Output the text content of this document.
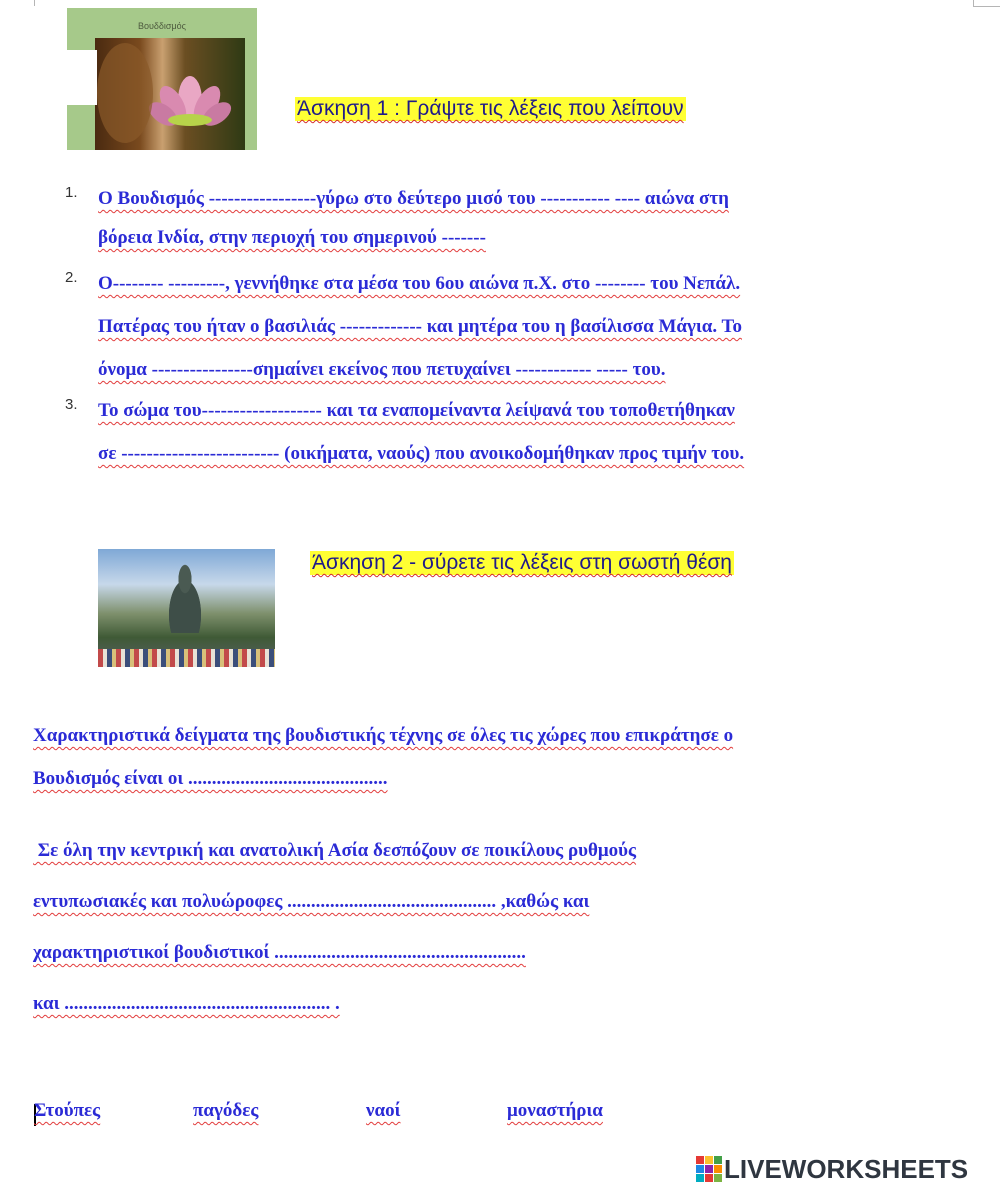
Βουδδισμός
Άσκηση 1 : Γράψτε τις λέξεις που λείπουν
1. Ο Βουδισμός -----------------γύρω στο δεύτερο μισό του ----------- ---- αιώνα στη
βόρεια Ινδία, στην περιοχή του σημερινού -------
2. Ο-------- ---------, γεννήθηκε στα μέσα του 6ου αιώνα π.Χ. στο -------- του Νεπάλ.
Πατέρας του ήταν ο βασιλιάς ------------- και μητέρα του η βασίλισσα Μάγια. Το
όνομα ----------------σημαίνει εκείνος που πετυχαίνει ------------ ----- του.
3. Το σώμα του------------------- και τα εναπομείναντα λείψανά του τοποθετήθηκαν
σε ------------------------- (οικήματα, ναούς) που ανοικοδομήθηκαν προς τιμήν του.
Άσκηση 2 - σύρετε τις λέξεις στη σωστή θέση
Χαρακτηριστικά δείγματα της βουδιστικής τέχνης σε όλες τις χώρες που επικράτησε ο
Βουδισμός είναι οι ..........................................
Σε όλη την κεντρική και ανατολική Ασία δεσπόζουν σε ποικίλους ρυθμούς
εντυπωσιακές και πολυώροφες ............................................ ,καθώς και
χαρακτηριστικοί βουδιστικοί .....................................................
και ........................................................ .
Στούπες	παγόδες	ναοί	μοναστήρια
LIVEWORKSHEETS
